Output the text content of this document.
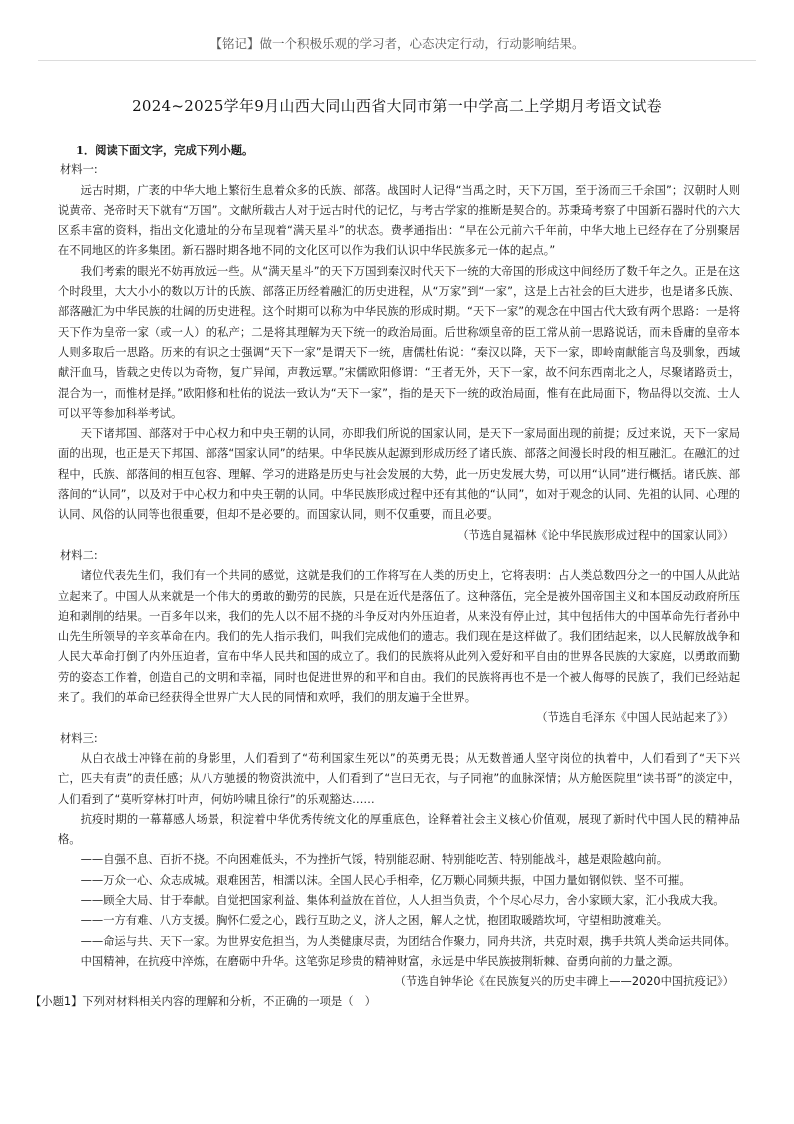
【铭记】做一个积极乐观的学习者，心态决定行动，行动影响结果。
2024~2025学年9月山西大同山西省大同市第一中学高二上学期月考语文试卷

1．阅读下面文字，完成下列小题。

材料一:

远古时期，广袤的中华大地上繁衍生息着众多的氏族、部落。战国时人记得“当禹之时，天下万国，至于汤而三千余国”；汉朝时人则说黄帝、尧帝时天下就有“万国”。文献所载古人对于远古时代的记忆，与考古学家的推断是契合的。苏秉琦考察了中国新石器时代的六大区系丰富的资料，指出文化遗址的分布呈现着“满天星斗”的状态。费孝通指出：“早在公元前六千年前，中华大地上已经存在了分别聚居在不同地区的许多集团。新石器时期各地不同的文化区可以作为我们认识中华民族多元一体的起点。”

我们考索的眼光不妨再放远一些。从“满天星斗”的天下万国到秦汉时代天下一统的大帝国的形成这中间经历了数千年之久。正是在这个时段里，大大小小的数以万计的氏族、部落正历经着融汇的历史进程，从“万家”到“一家”，这是上古社会的巨大进步，也是诸多氏族、部落融汇为中华民族的壮阔的历史进程。这个时期可以称为中华民族的形成时期。“天下一家”的观念在中国古代大致有两个思路：一是将天下作为皇帝一家（或一人）的私产；二是将其理解为天下统一的政治局面。后世称颂皇帝的臣工常从前一思路说话，而未昏庸的皇帝本人则多取后一思路。历来的有识之士强调“天下一家”是谓天下一统，唐儒杜佑说：“秦汉以降，天下一家，即岭南献能言鸟及驯象，西域献汗血马，皆载之史传以为奇物，复广异闻，声教远覃。”宋儒欧阳修谓：“王者无外，天下一家，故不问东西南北之人，尽聚诸路贡士，混合为一，而惟材是择。”欧阳修和杜佑的说法一致认为“天下一家”，指的是天下一统的政治局面，惟有在此局面下，物品得以交流、士人可以平等参加科举考试。

天下诸邦国、部落对于中心权力和中央王朝的认同，亦即我们所说的国家认同，是天下一家局面出现的前提；反过来说，天下一家局面的出现，也正是天下邦国、部落“国家认同”的结果。中华民族从起源到形成历经了诸氏族、部落之间漫长时段的相互融汇。在融汇的过程中，氏族、部落间的相互包容、理解、学习的进路是历史与社会发展的大势，此一历史发展大势，可以用“认同”进行概括。诸氏族、部落间的“认同”，以及对于中心权力和中央王朝的认同。中华民族形成过程中还有其他的“认同”，如对于观念的认同、先祖的认同、心理的认同、风俗的认同等也很重要，但却不是必要的。而国家认同，则不仅重要，而且必要。

（节选自晁福林《论中华民族形成过程中的国家认同》）

材料二:

诸位代表先生们，我们有一个共同的感觉，这就是我们的工作将写在人类的历史上，它将表明：占人类总数四分之一的中国人从此站立起来了。中国人从来就是一个伟大的勇敢的勤劳的民族，只是在近代是落伍了。这种落伍，完全是被外国帝国主义和本国反动政府所压迫和剥削的结果。一百多年以来，我们的先人以不屈不挠的斗争反对内外压迫者，从来没有停止过，其中包括伟大的中国革命先行者孙中山先生所领导的辛亥革命在内。我们的先人指示我们，叫我们完成他们的遗志。我们现在是这样做了。我们团结起来，以人民解放战争和人民大革命打倒了内外压迫者，宣布中华人民共和国的成立了。我们的民族将从此列入爱好和平自由的世界各民族的大家庭，以勇敢而勤劳的姿态工作着，创造自己的文明和幸福，同时也促进世界的和平和自由。我们的民族将再也不是一个被人侮辱的民族了，我们已经站起来了。我们的革命已经获得全世界广大人民的同情和欢呼，我们的朋友遍于全世界。

（节选自毛泽东《中国人民站起来了》）

材料三:

从白衣战士冲锋在前的身影里，人们看到了“苟利国家生死以”的英勇无畏；从无数普通人坚守岗位的执着中，人们看到了“天下兴亡，匹夫有责”的责任感；从八方驰援的物资洪流中，人们看到了“岂曰无衣，与子同袍”的血脉深情；从方舱医院里“读书哥”的淡定中，人们看到了“莫听穿林打叶声，何妨吟啸且徐行”的乐观豁达……

抗疫时期的一幕幕感人场景，积淀着中华优秀传统文化的厚重底色，诠释着社会主义核心价值观，展现了新时代中国人民的精神品格。

——自强不息、百折不挠。不向困难低头，不为挫折气馁，特别能忍耐、特别能吃苦、特别能战斗，越是艰险越向前。

——万众一心、众志成城。艰难困苦，相濡以沫。全国人民心手相牵，亿万颗心同频共振，中国力量如钢似铁、坚不可摧。

——顾全大局、甘于奉献。自觉把国家利益、集体利益放在首位，人人担当负责，个个尽心尽力，舍小家顾大家，汇小我成大我。

——一方有难、八方支援。胸怀仁爱之心，践行互助之义，济人之困，解人之忧，抱团取暖踏坎坷，守望相助渡难关。

——命运与共、天下一家。为世界安危担当，为人类健康尽责，为团结合作聚力，同舟共济，共克时艰，携手共筑人类命运共同体。

中国精神，在抗疫中淬炼，在磨砺中升华。这笔弥足珍贵的精神财富，永远是中华民族披荆斩棘、奋勇向前的力量之源。

（节选自钟华论《在民族复兴的历史丰碑上——2020中国抗疫记》）

【小题1】下列对材料相关内容的理解和分析，不正确的一项是（　）
